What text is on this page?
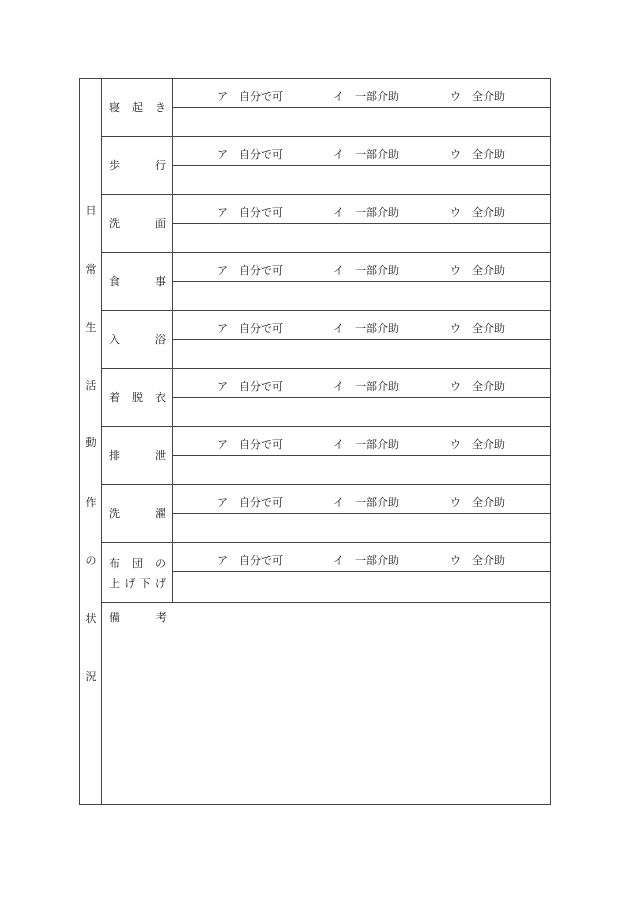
日
常
生
活
動
作
の
状
況
寝 起 き
ア　自分で可	イ　一部介助	ウ　全介助
歩	行
ア　自分で可	イ　一部介助	ウ　全介助
洗	面
ア　自分で可	イ　一部介助	ウ　全介助
食	事
ア　自分で可	イ　一部介助	ウ　全介助
入	浴
ア　自分で可	イ　一部介助	ウ　全介助
着 脱 衣
ア　自分で可	イ　一部介助	ウ　全介助
排	泄
ア　自分で可	イ　一部介助	ウ　全介助
洗	濯
ア　自分で可	イ　一部介助	ウ　全介助
布 団 の
上 げ 下 げ
ア　自分で可	イ　一部介助	ウ　全介助
備	考
